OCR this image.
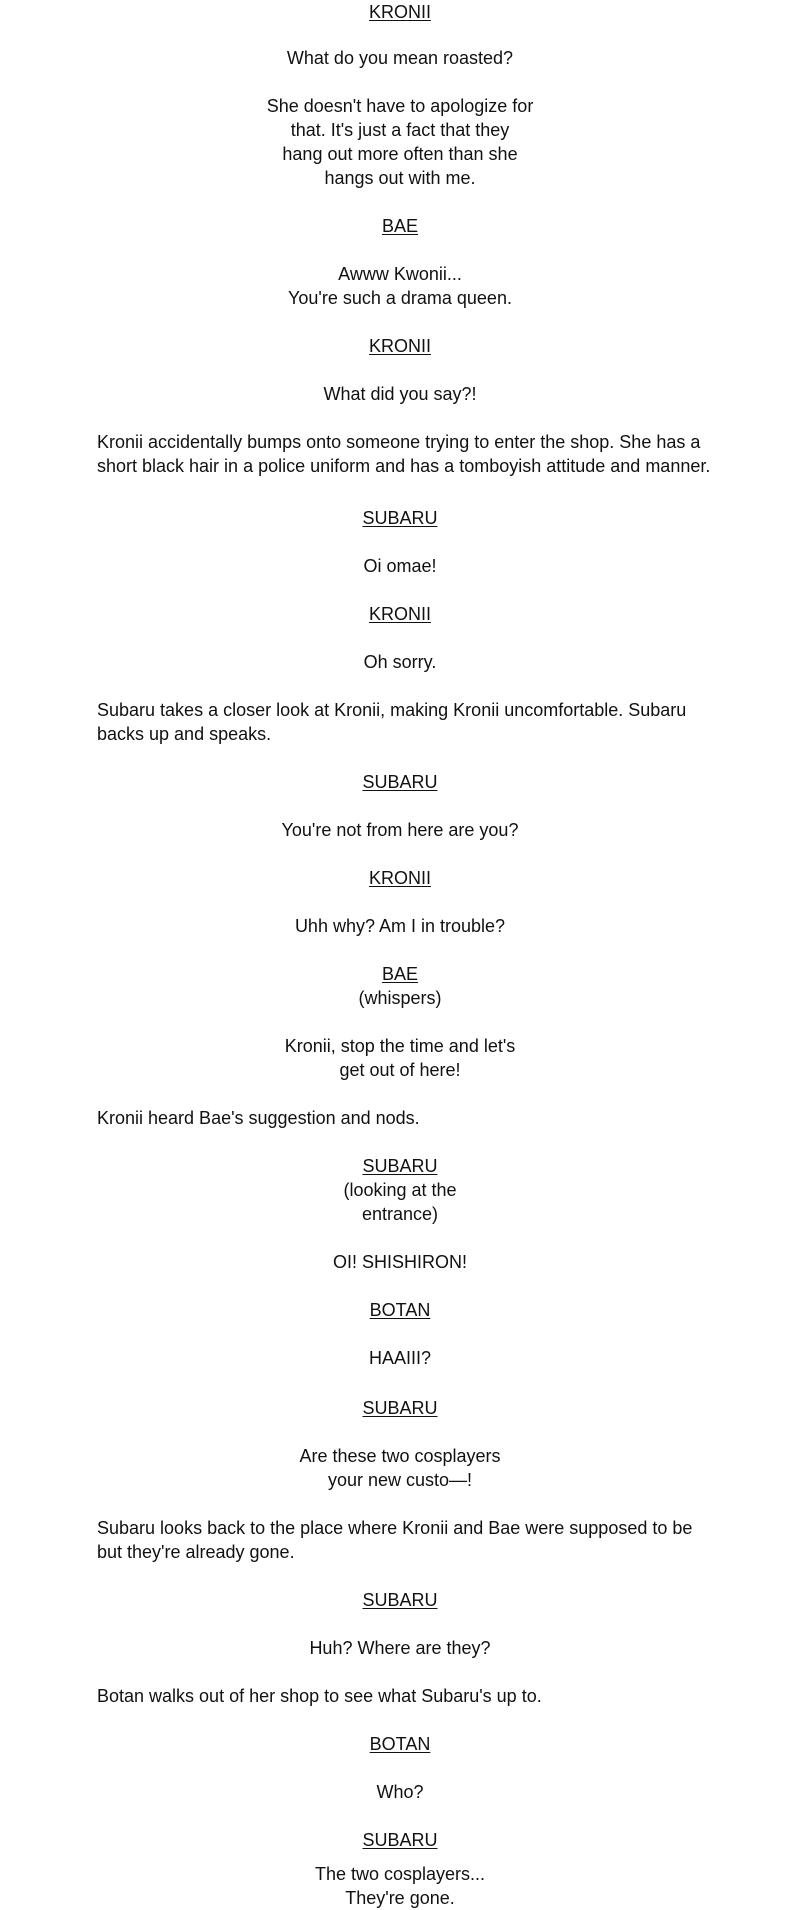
KRONII
What do you mean roasted?
She doesn't have to apologize for
that. It's just a fact that they
hang out more often than she
hangs out with me.
BAE
Awww Kwonii...
You're such a drama queen.
KRONII
What did you say?!
Kronii accidentally bumps onto someone trying to enter the shop. She has a short black hair in a police uniform and has a tomboyish attitude and manner.
SUBARU
Oi omae!
KRONII
Oh sorry.
Subaru takes a closer look at Kronii, making Kronii uncomfortable. Subaru backs up and speaks.
SUBARU
You're not from here are you?
KRONII
Uhh why? Am I in trouble?
BAE
(whispers)
Kronii, stop the time and let's
get out of here!
Kronii heard Bae's suggestion and nods.
SUBARU
(looking at the
entrance)
OI! SHISHIRON!
BOTAN
HAAIII?
SUBARU
Are these two cosplayers
your new custo—!
Subaru looks back to the place where Kronii and Bae were supposed to be but they're already gone.
SUBARU
Huh? Where are they?
Botan walks out of her shop to see what Subaru's up to.
BOTAN
Who?
SUBARU
The two cosplayers...
They're gone.
